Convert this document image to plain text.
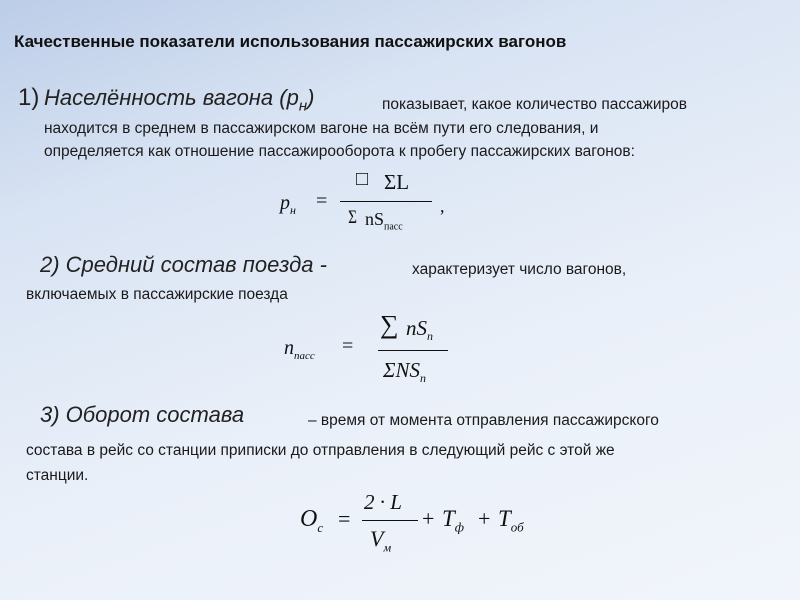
Качественные показатели использования пассажирских вагонов
1) Населённость вагона $(р_н)$	показывает, какое количество пассажиров
находится в среднем в пассажирском вагоне на всём пути его следования, и
определяется как отношение пассажирооборота к пробегу пассажирских вагонов:
$р_н$ =
□ ΣL
Σ $nS_{пасс}$
,
2) Средний состав поезда -	характеризует число вагонов,
включаемых в пассажирские поезда
$n_{пасс}$ =
∑ $nS_n$
$\Sigma NS_n$
3) Оборот состава	– время от момента отправления пассажирского
состава в рейс со станции приписки до отправления в следующий рейс с этой же
станции.
$О_с$ =
2 · L
$V_м$
+ $Т_ф + Т_{об}$
